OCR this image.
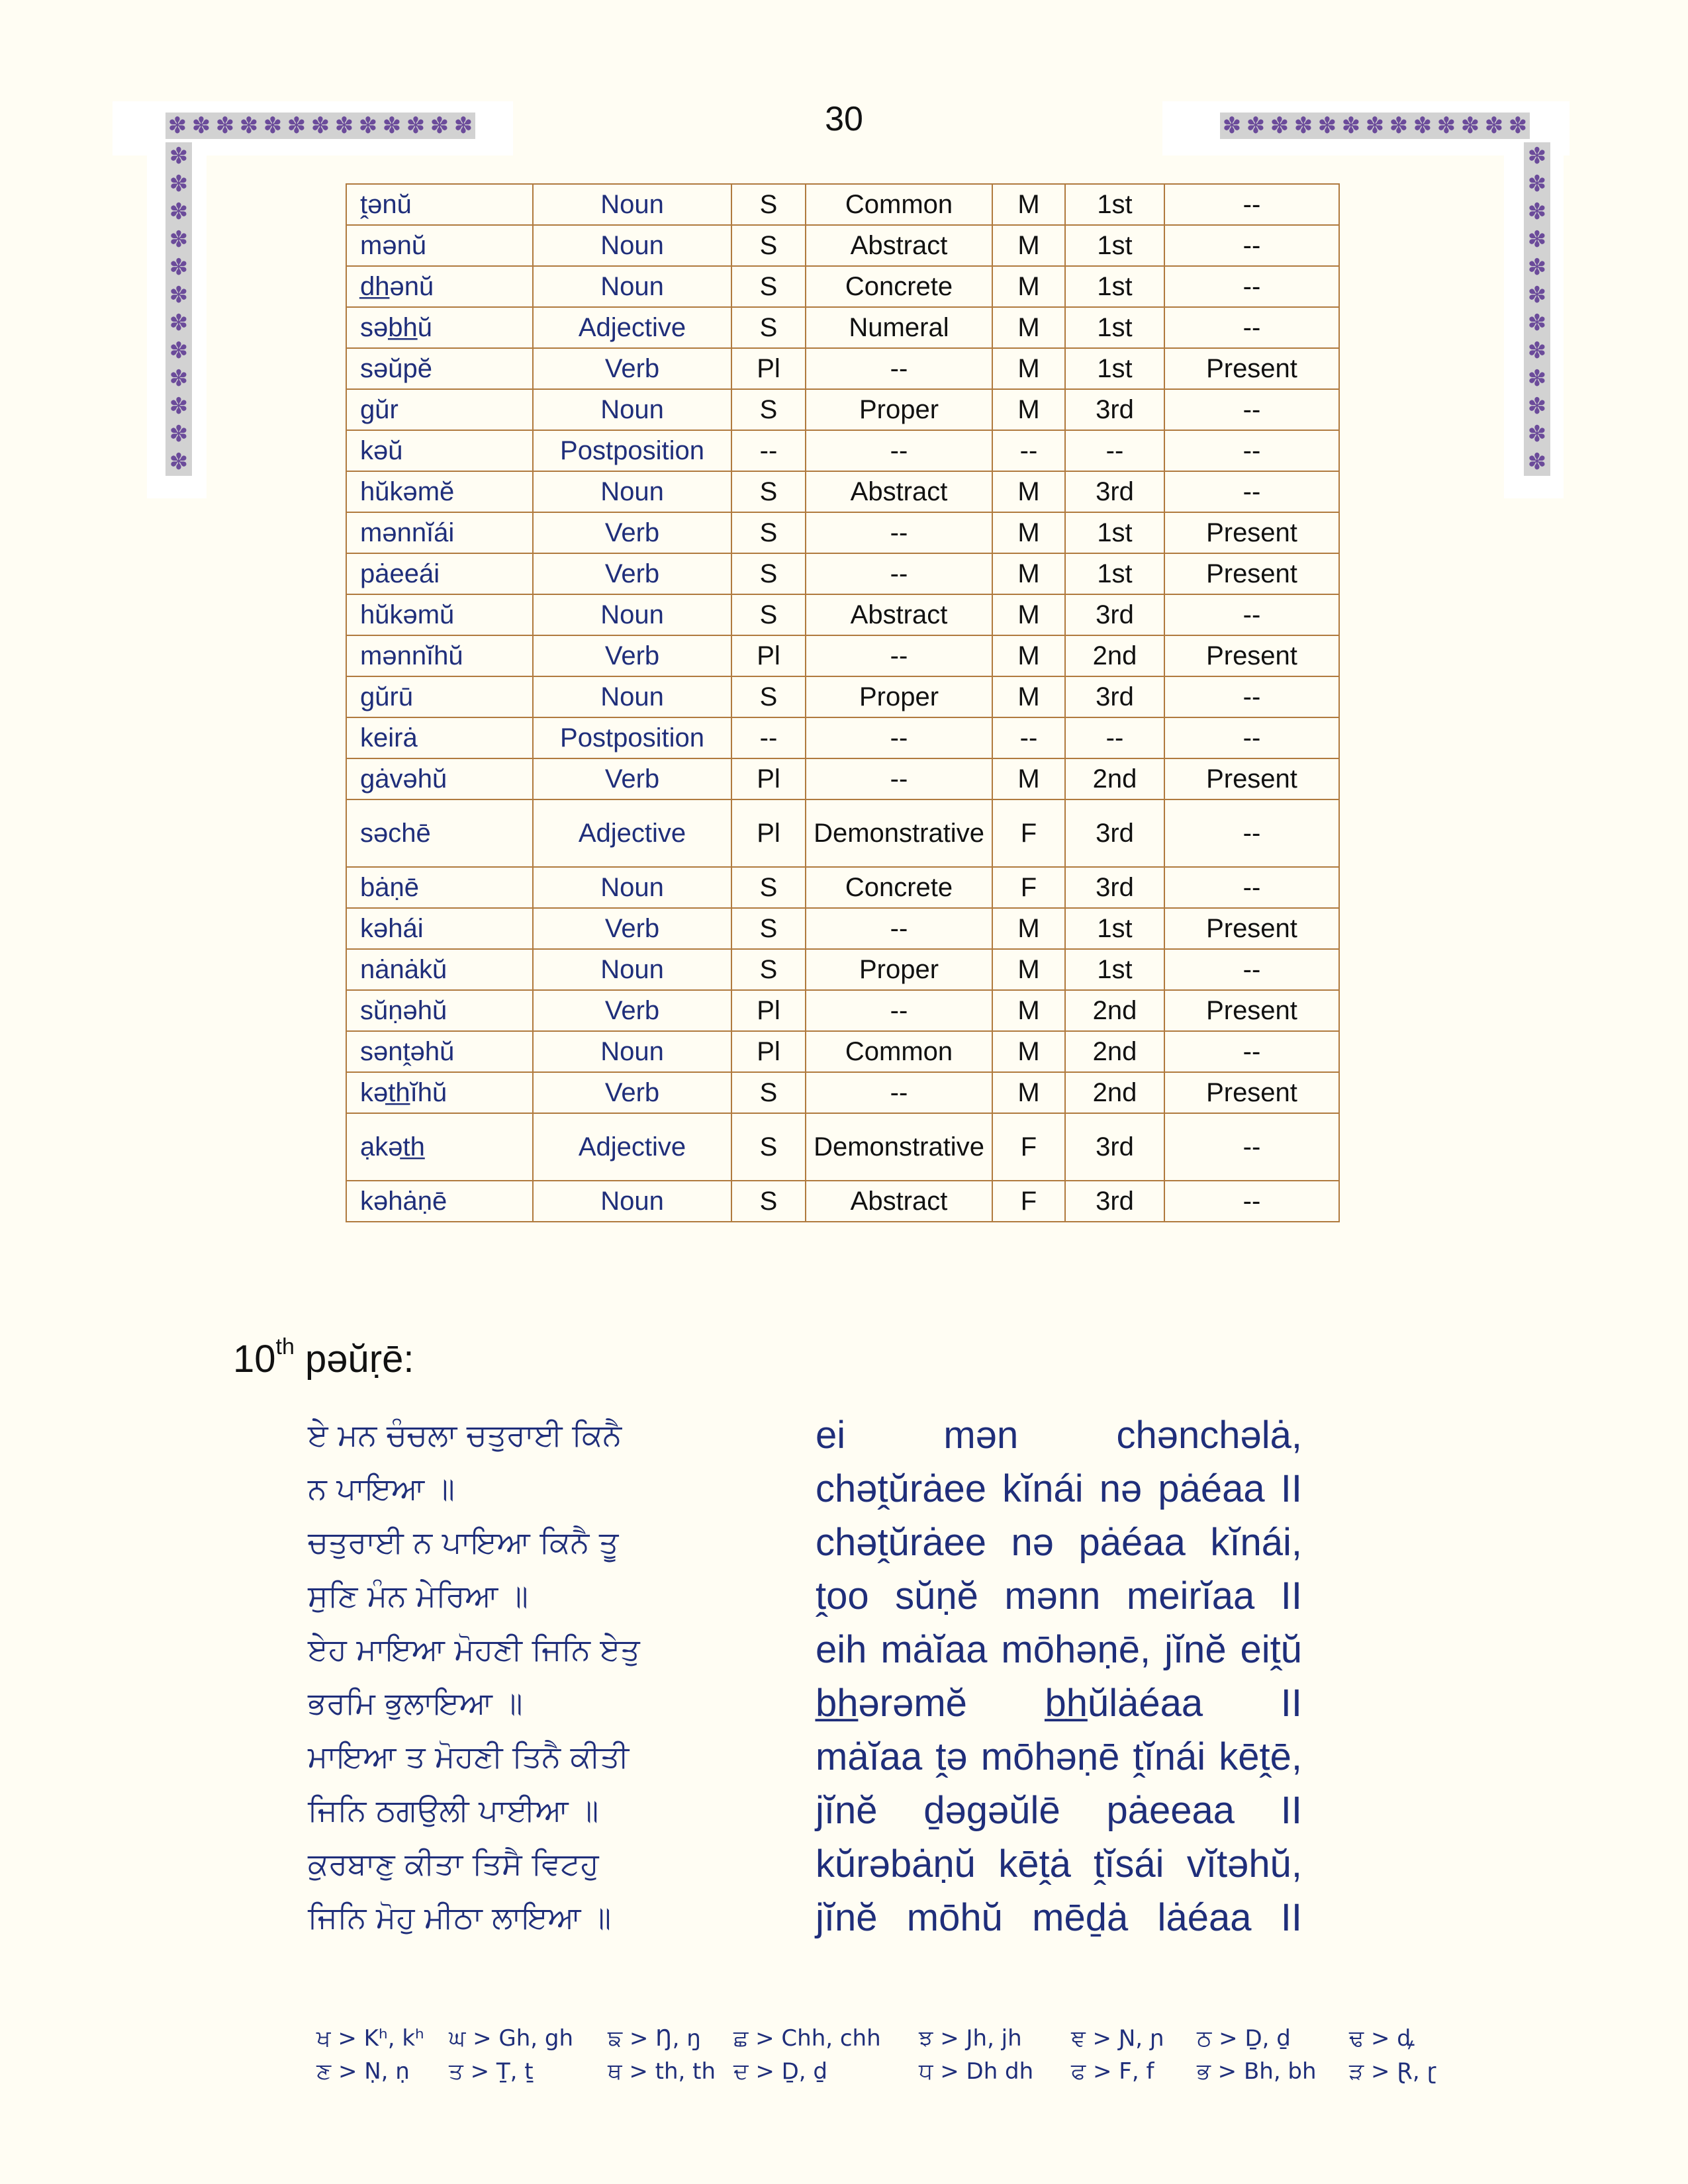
✽ ✽ ✽ ✽ ✽ ✽ ✽ ✽ ✽ ✽ ✽ ✽ ✽
✽
✽
✽
✽
✽
✽
✽
✽
✽
✽
✽
✽
✽ ✽ ✽ ✽ ✽ ✽ ✽ ✽ ✽ ✽ ✽ ✽ ✽
✽
✽
✽
✽
✽
✽
✽
✽
✽
✽
✽
✽
30
ṱənŭ	Noun	S	Common	M	1st	--
mənŭ	Noun	S	Abstract	M	1st	--
d̲h̲ənŭ	Noun	S	Concrete	M	1st	--
səb̲h̲ŭ	Adjective	S	Numeral	M	1st	--
səŭpĕ	Verb	Pl	--	M	1st	Present
gŭr	Noun	S	Proper	M	3rd	--
kəŭ	Postposition	--	--	--	--	--
hŭkəmĕ	Noun	S	Abstract	M	3rd	--
mənnĭái	Verb	S	--	M	1st	Present
pȧeeái	Verb	S	--	M	1st	Present
hŭkəmŭ	Noun	S	Abstract	M	3rd	--
mənnĭhŭ	Verb	Pl	--	M	2nd	Present
gŭrū	Noun	S	Proper	M	3rd	--
keirȧ	Postposition	--	--	--	--	--
gȧvəhŭ	Verb	Pl	--	M	2nd	Present
səchē	Adjective	Pl	Demonstrative	F	3rd	--
bȧṇē	Noun	S	Concrete	F	3rd	--
kəhái	Verb	S	--	M	1st	Present
nȧnȧkŭ	Noun	S	Proper	M	1st	--
sŭṇəhŭ	Verb	Pl	--	M	2nd	Present
sənṱəhŭ	Noun	Pl	Common	M	2nd	--
kət̲h̲ĭhŭ	Verb	S	--	M	2nd	Present
ạkət̲h̲	Adjective	S	Demonstrative	F	3rd	--
kəhȧṇē	Noun	S	Abstract	F	3rd	--
10th pəŭṛē:
ਏ ਮਨ ਚੰਚਲਾ ਚਤੁਰਾਈ ਕਿਨੈ
ਨ ਪਾਇਆ ॥
ਚਤੁਰਾਈ ਨ ਪਾਇਆ ਕਿਨੈ ਤੂ
ਸੁਣਿ ਮੰਨ ਮੇਰਿਆ ॥
ਏਹ ਮਾਇਆ ਮੋਹਣੀ ਜਿਨਿ ਏਤੁ
ਭਰਮਿ ਭੁਲਾਇਆ ॥
ਮਾਇਆ ਤ ਮੋਹਣੀ ਤਿਨੈ ਕੀਤੀ
ਜਿਨਿ ਠਗਉਲੀ ਪਾਈਆ ॥
ਕੁਰਬਾਣੁ ਕੀਤਾ ਤਿਸੈ ਵਿਟਹੁ
ਜਿਨਿ ਮੋਹੁ ਮੀਠਾ ਲਾਇਆ ॥
ei mən chənchəlȧ,
chəṱŭrȧee kĭnái nə pȧéaa II
chəṱŭrȧee nə pȧéaa kĭnái,
ṱoo sŭṇĕ mənn meirĭaa II
eih mȧĭaa mōhəṇē, jĭnĕ eiṱŭ
b̲h̲ərəmĕ b̲h̲ŭlȧéaa II
mȧĭaa ṱə mōhəṇē ṱĭnái kēṱē,
jĭnĕ ḏəgəŭlē pȧeeaa II
kŭrəbȧṇŭ kēṱȧ ṱĭsái vĭtəhŭ,
jĭnĕ mōhŭ mēḏȧ lȧéaa II
ਖ > Kʰ, kʰ	ਘ > Gh, gh	ਙ > Ŋ, ŋ	ਛ > Chh, chh	ਝ > Jh, jh	ਞ > Ɲ, ɲ	ਠ > Ḏ, ḏ	ਢ > ꝱ
ਣ > Ṇ, ṇ	ਤ > Ṯ, ṯ	ਥ > th, th ਦ > Ḏ, ḏ	ਧ > Dh dh	ਫ > F, f	ਭ > Bh, bh	ੜ > Ɽ, ɽ
